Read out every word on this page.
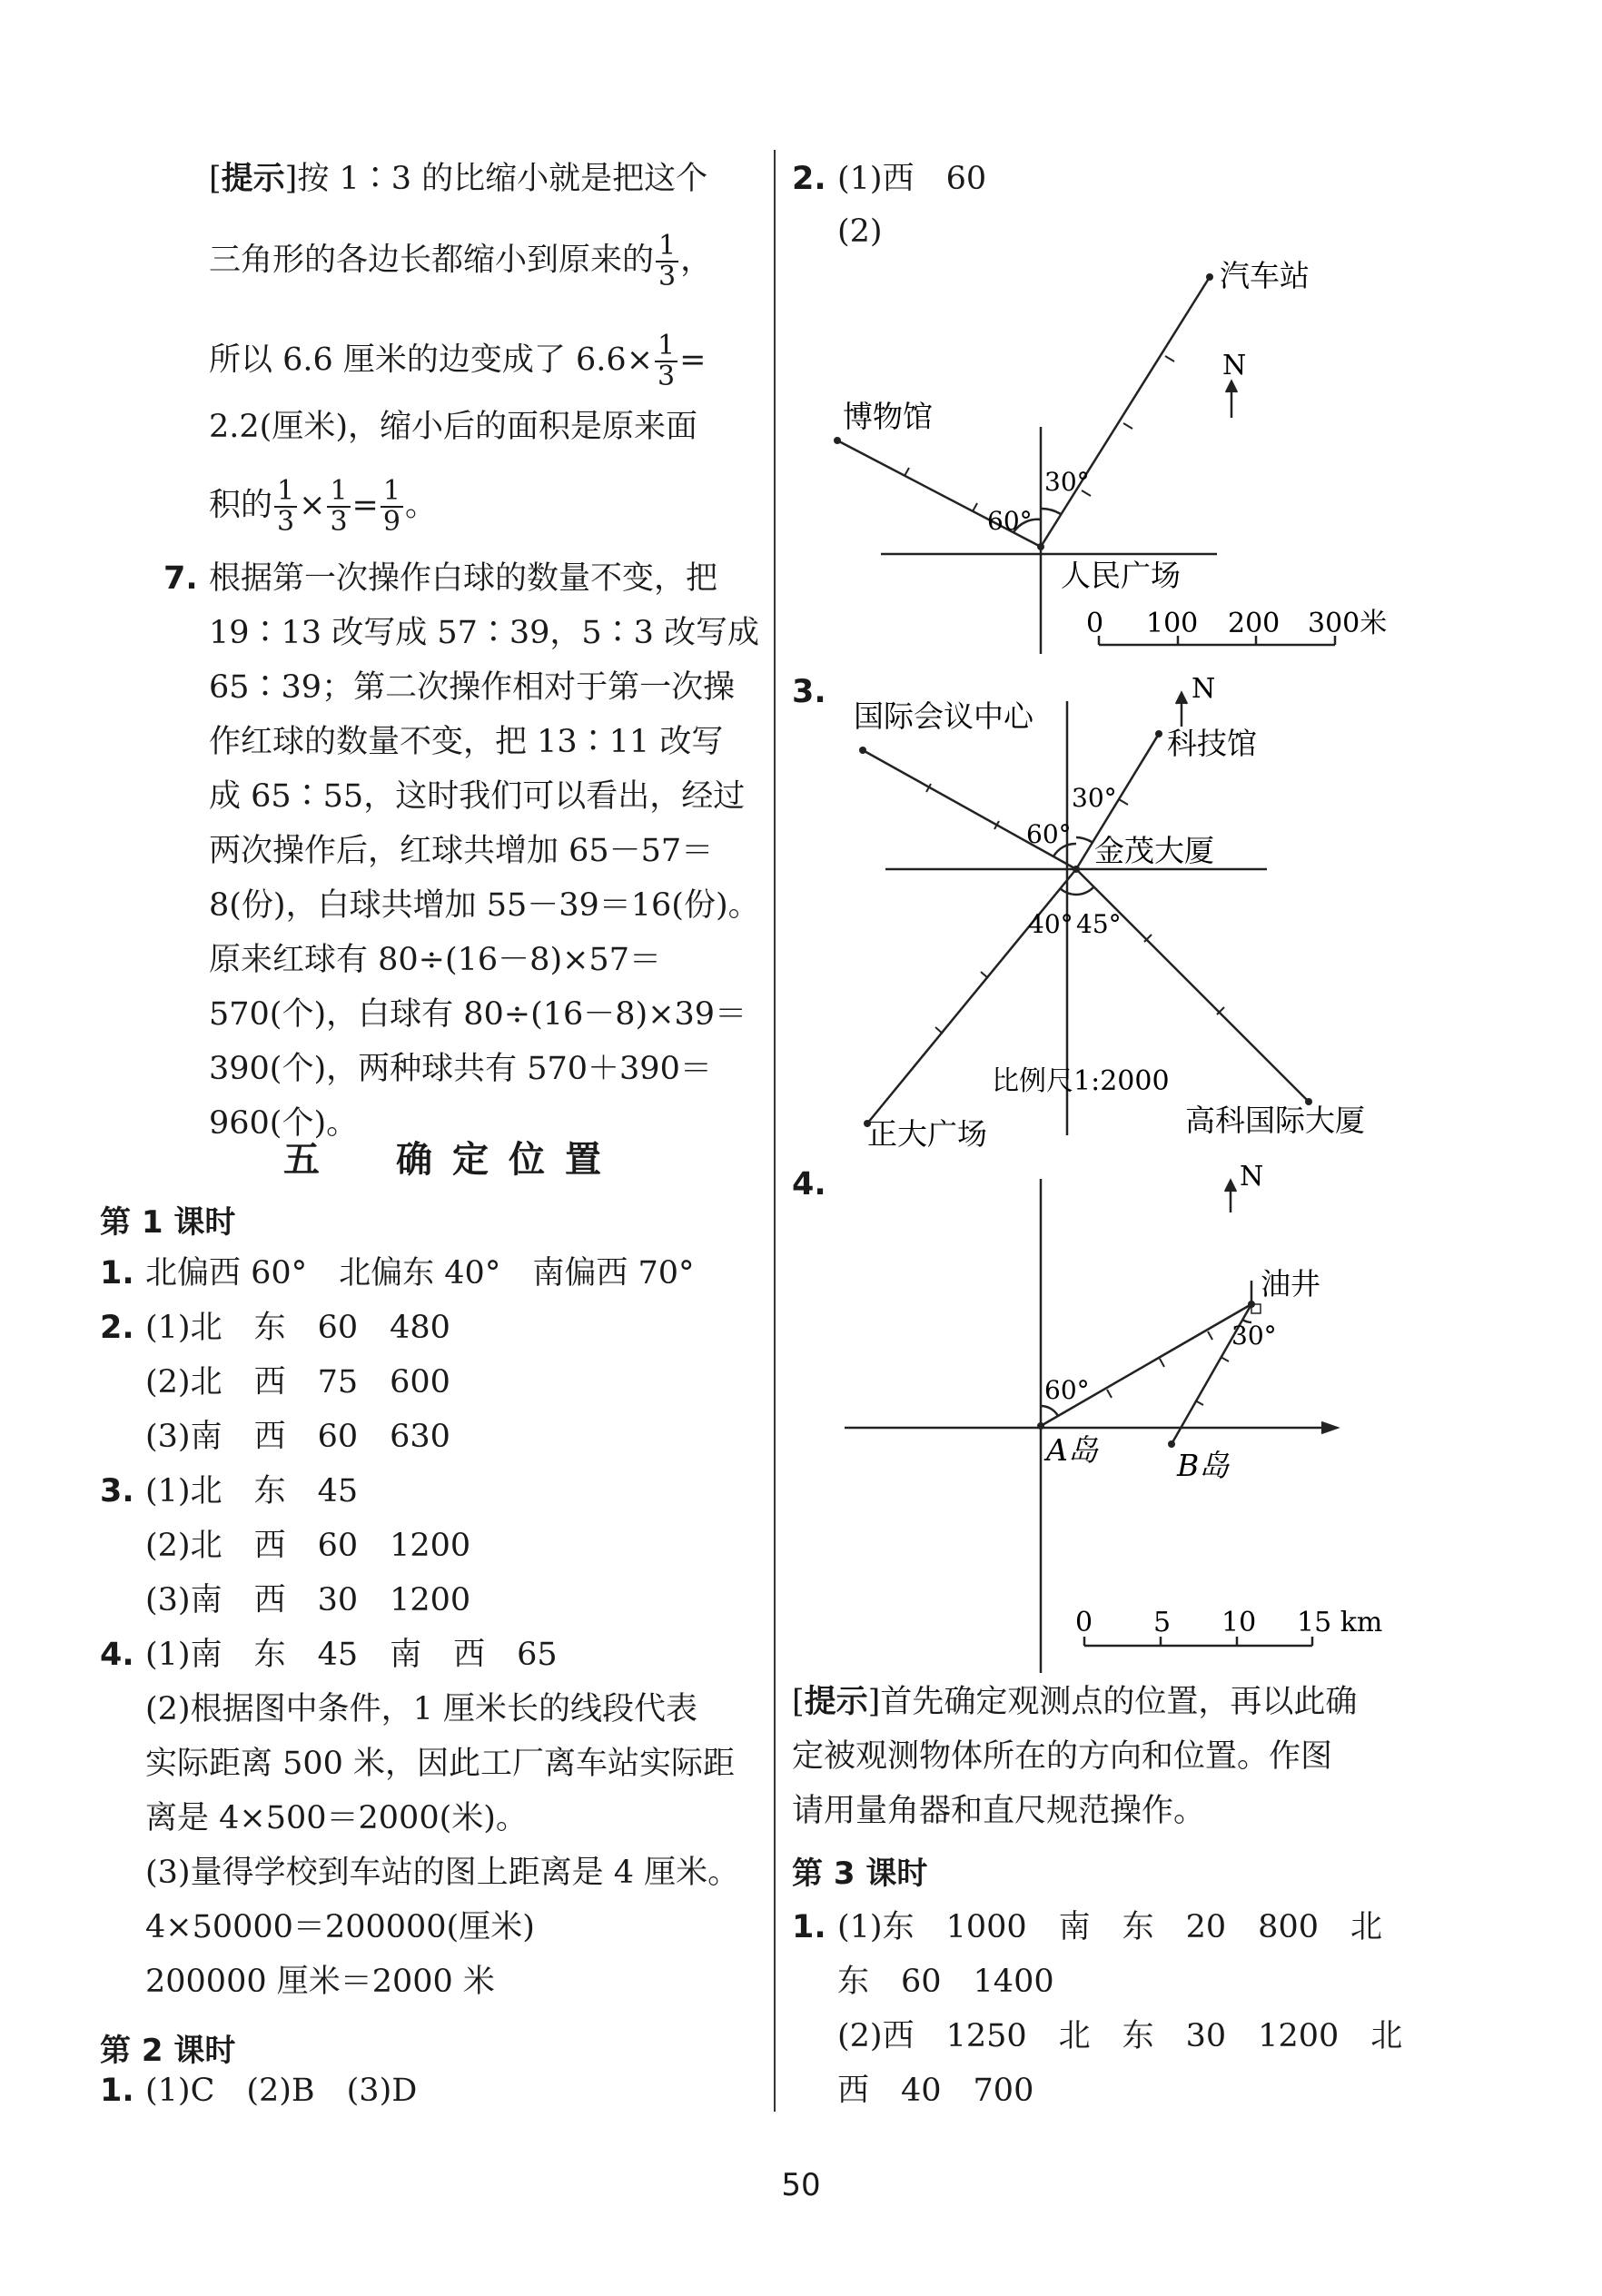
[提示]按 1∶3 的比缩小就是把这个
三角形的各边长都缩小到原来的 $\frac{1}{3}$ ，
所以 6.6 厘米的边变成了 $6.6\times \frac{1}{3}$ =
2.2(厘米)，缩小后的面积是原来面
积的 $\frac{1}{3} \times \frac{1}{3} = \frac{1}{9}$ 。
7. 根据第一次操作白球的数量不变，把
19∶13 改写成 57∶39，5∶3 改写成
65∶39；第二次操作相对于第一次操
作红球的数量不变，把 13∶11 改写
成 65∶55，这时我们可以看出，经过
两次操作后，红球共增加 65－57＝
8(份)，白球共增加 55－39＝16(份)。
原来红球有 80÷(16－8)×57＝
570(个)，白球有 80÷(16－8)×39＝
390(个)，两种球共有 570＋390＝
960(个)。
五　确定位置
第 1 课时
1. 北偏西 60°　北偏东 40°　南偏西 70°
2. (1)北　东　60　480
(2)北　西　75　600
(3)南　西　60　630
3. (1)北　东　45
(2)北　西　60　1200
(3)南　西　30　1200
4. (1)南　东　45　南　西　65
(2)根据图中条件，1 厘米长的线段代表
实际距离 500 米，因此工厂离车站实际距
离是 4×500＝2000(米)。
(3)量得学校到车站的图上距离是 4 厘米。
4×50000＝200000(厘米)
200000 厘米＝2000 米
第 2 课时
1. (1)C　(2)B　(3)D
2. (1)西　60
(2)
汽车站
博物馆
人民广场
N
30°
60°
0 100 200 300米
国际会议中心
科技馆
金茂大厦
正大广场	高科国际大厦
N
30°
60°
40° 45°
比例尺1:2000
油井
A岛	B岛
N
60°
30°
0 5 10 15 km
3.
4.
[提示]首先确定观测点的位置，再以此确
定被观测物体所在的方向和位置。作图
请用量角器和直尺规范操作。
第 3 课时
1. (1)东　1000　南　东　20　800　北
东　60　1400
(2)西　1250　北　东　30　1200　北
西　40　700
50
